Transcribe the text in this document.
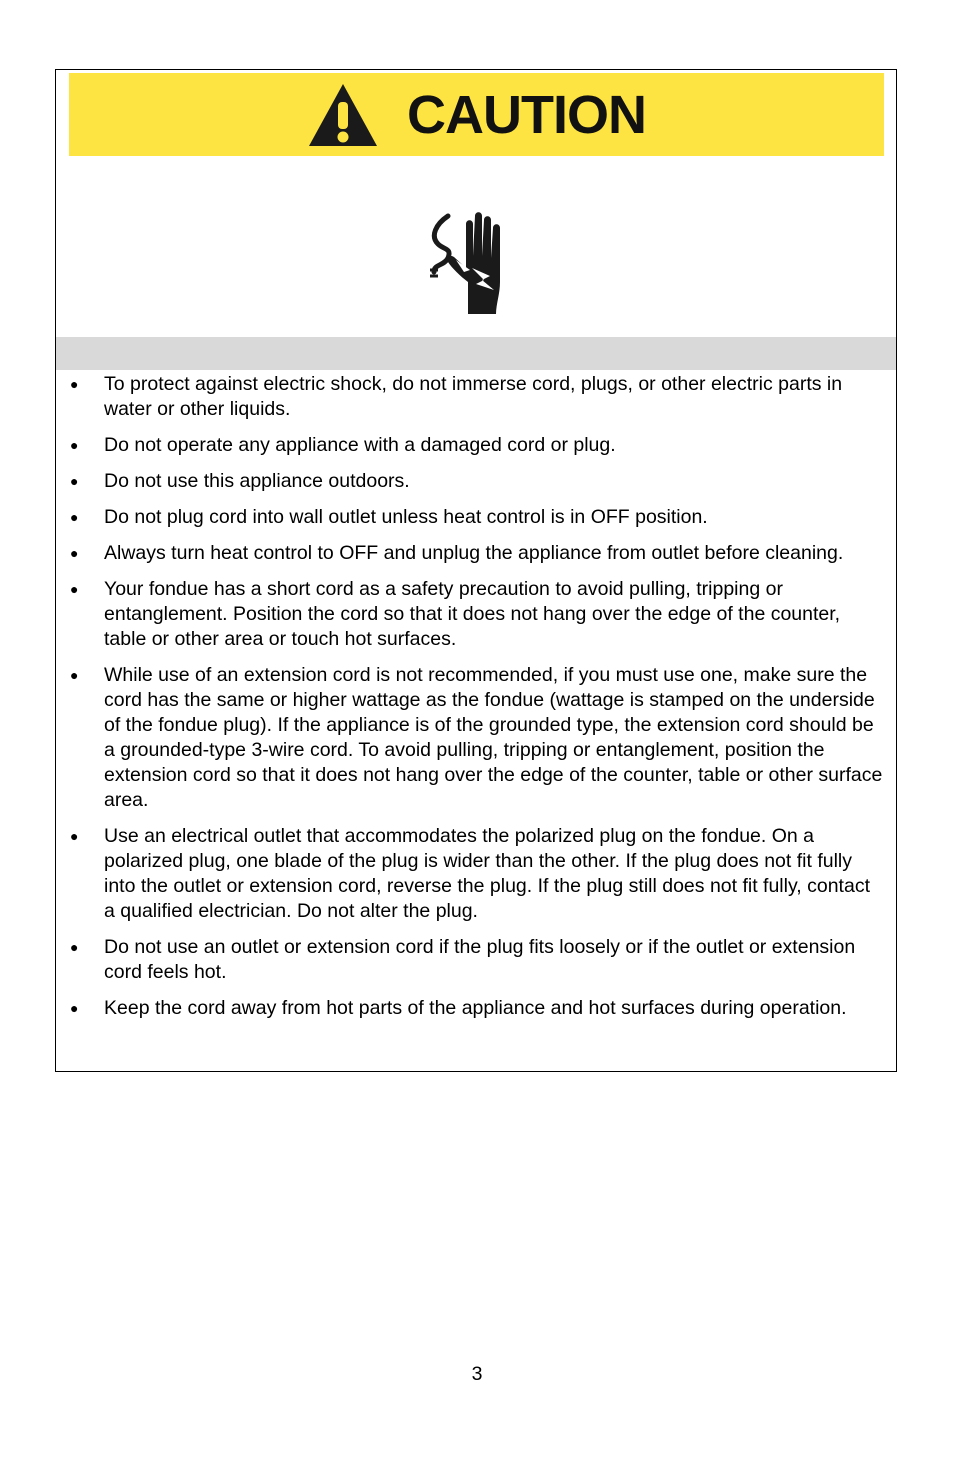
CAUTION
● To protect against electric shock, do not immerse cord, plugs, or other electric parts in water or other liquids.
● Do not operate any appliance with a damaged cord or plug.
● Do not use this appliance outdoors.
● Do not plug cord into wall outlet unless heat control is in OFF position.
● Always turn heat control to OFF and unplug the appliance from outlet before cleaning.
● Your fondue has a short cord as a safety precaution to avoid pulling, tripping or entanglement. Position the cord so that it does not hang over the edge of the counter, table or other area or touch hot surfaces.
● While use of an extension cord is not recommended, if you must use one, make sure the cord has the same or higher wattage as the fondue (wattage is stamped on the underside of the fondue plug). If the appliance is of the grounded type, the extension cord should be a grounded-type 3-wire cord. To avoid pulling, tripping or entanglement, position the extension cord so that it does not hang over the edge of the counter, table or other surface area.
● Use an electrical outlet that accommodates the polarized plug on the fondue. On a polarized plug, one blade of the plug is wider than the other. If the plug does not fit fully into the outlet or extension cord, reverse the plug. If the plug still does not fit fully, contact a qualified electrician. Do not alter the plug.
● Do not use an outlet or extension cord if the plug fits loosely or if the outlet or extension cord feels hot.
● Keep the cord away from hot parts of the appliance and hot surfaces during operation.
3
